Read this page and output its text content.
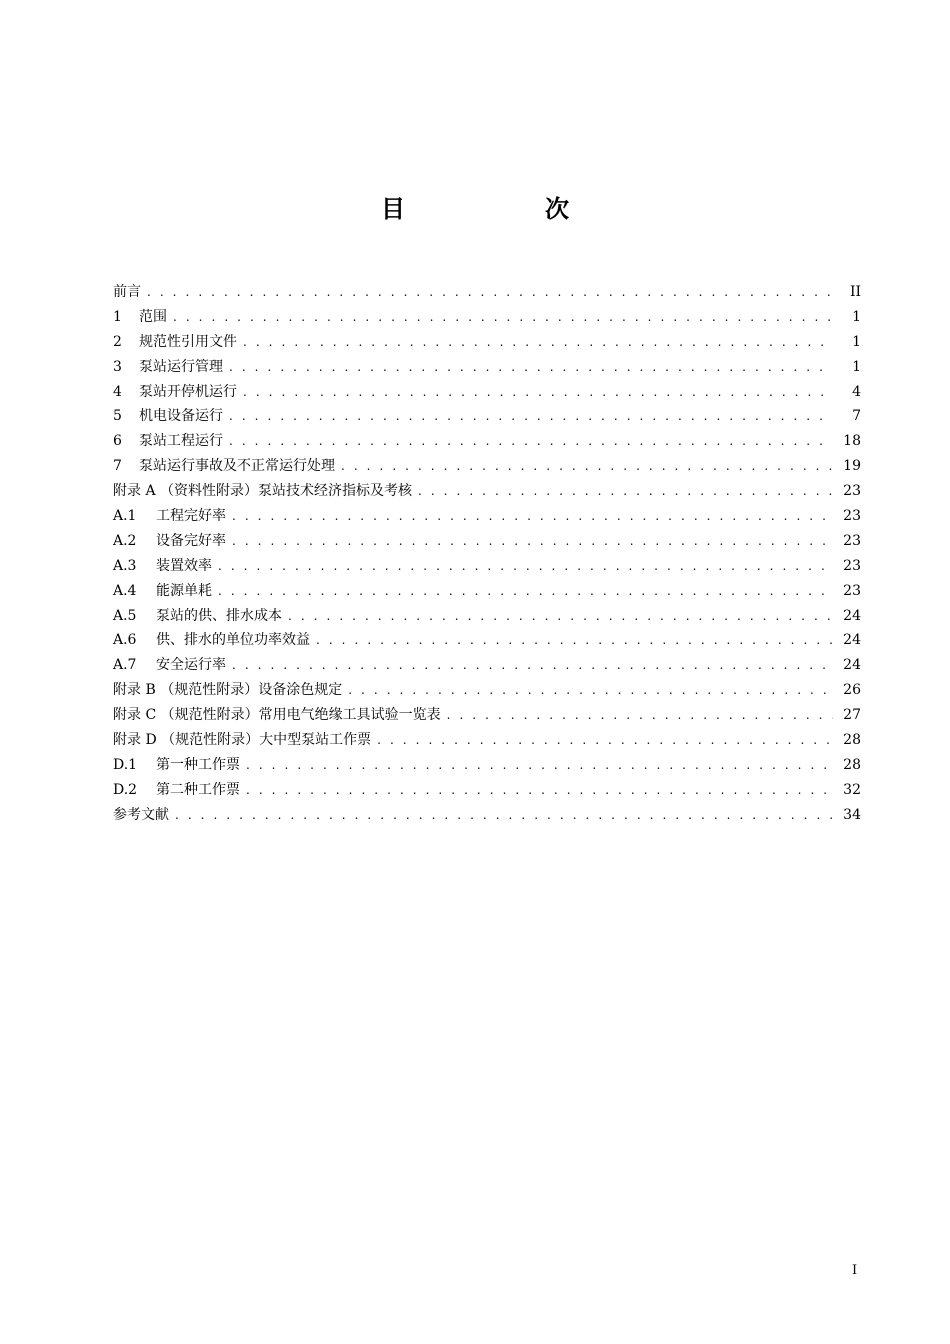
目　次
前言 . . .	II
1	范围 . . .	1
2	规范性引用文件 . . .	1
3	泵站运行管理 . . .	1
4	泵站开停机运行 . . .	4
5	机电设备运行 . . .	7
6	泵站工程运行 . . .	18
7	泵站运行事故及不正常运行处理 . . .	19
附录 A （资料性附录）泵站技术经济指标及考核 . . .	23
A.1	工程完好率 . . .	23
A.2	设备完好率 . . .	23
A.3	装置效率 . . .	23
A.4	能源单耗 . . .	23
A.5	泵站的供、排水成本 . . .	24
A.6	供、排水的单位功率效益 . . .	24
A.7	安全运行率 . . .	24
附录 B （规范性附录）设备涂色规定 . . .	26
附录 C （规范性附录）常用电气绝缘工具试验一览表 . . .	27
附录 D （规范性附录）大中型泵站工作票 . . .	28
D.1	第一种工作票 . . .	28
D.2	第二种工作票 . . .	32
参考文献 . . .	34
I
